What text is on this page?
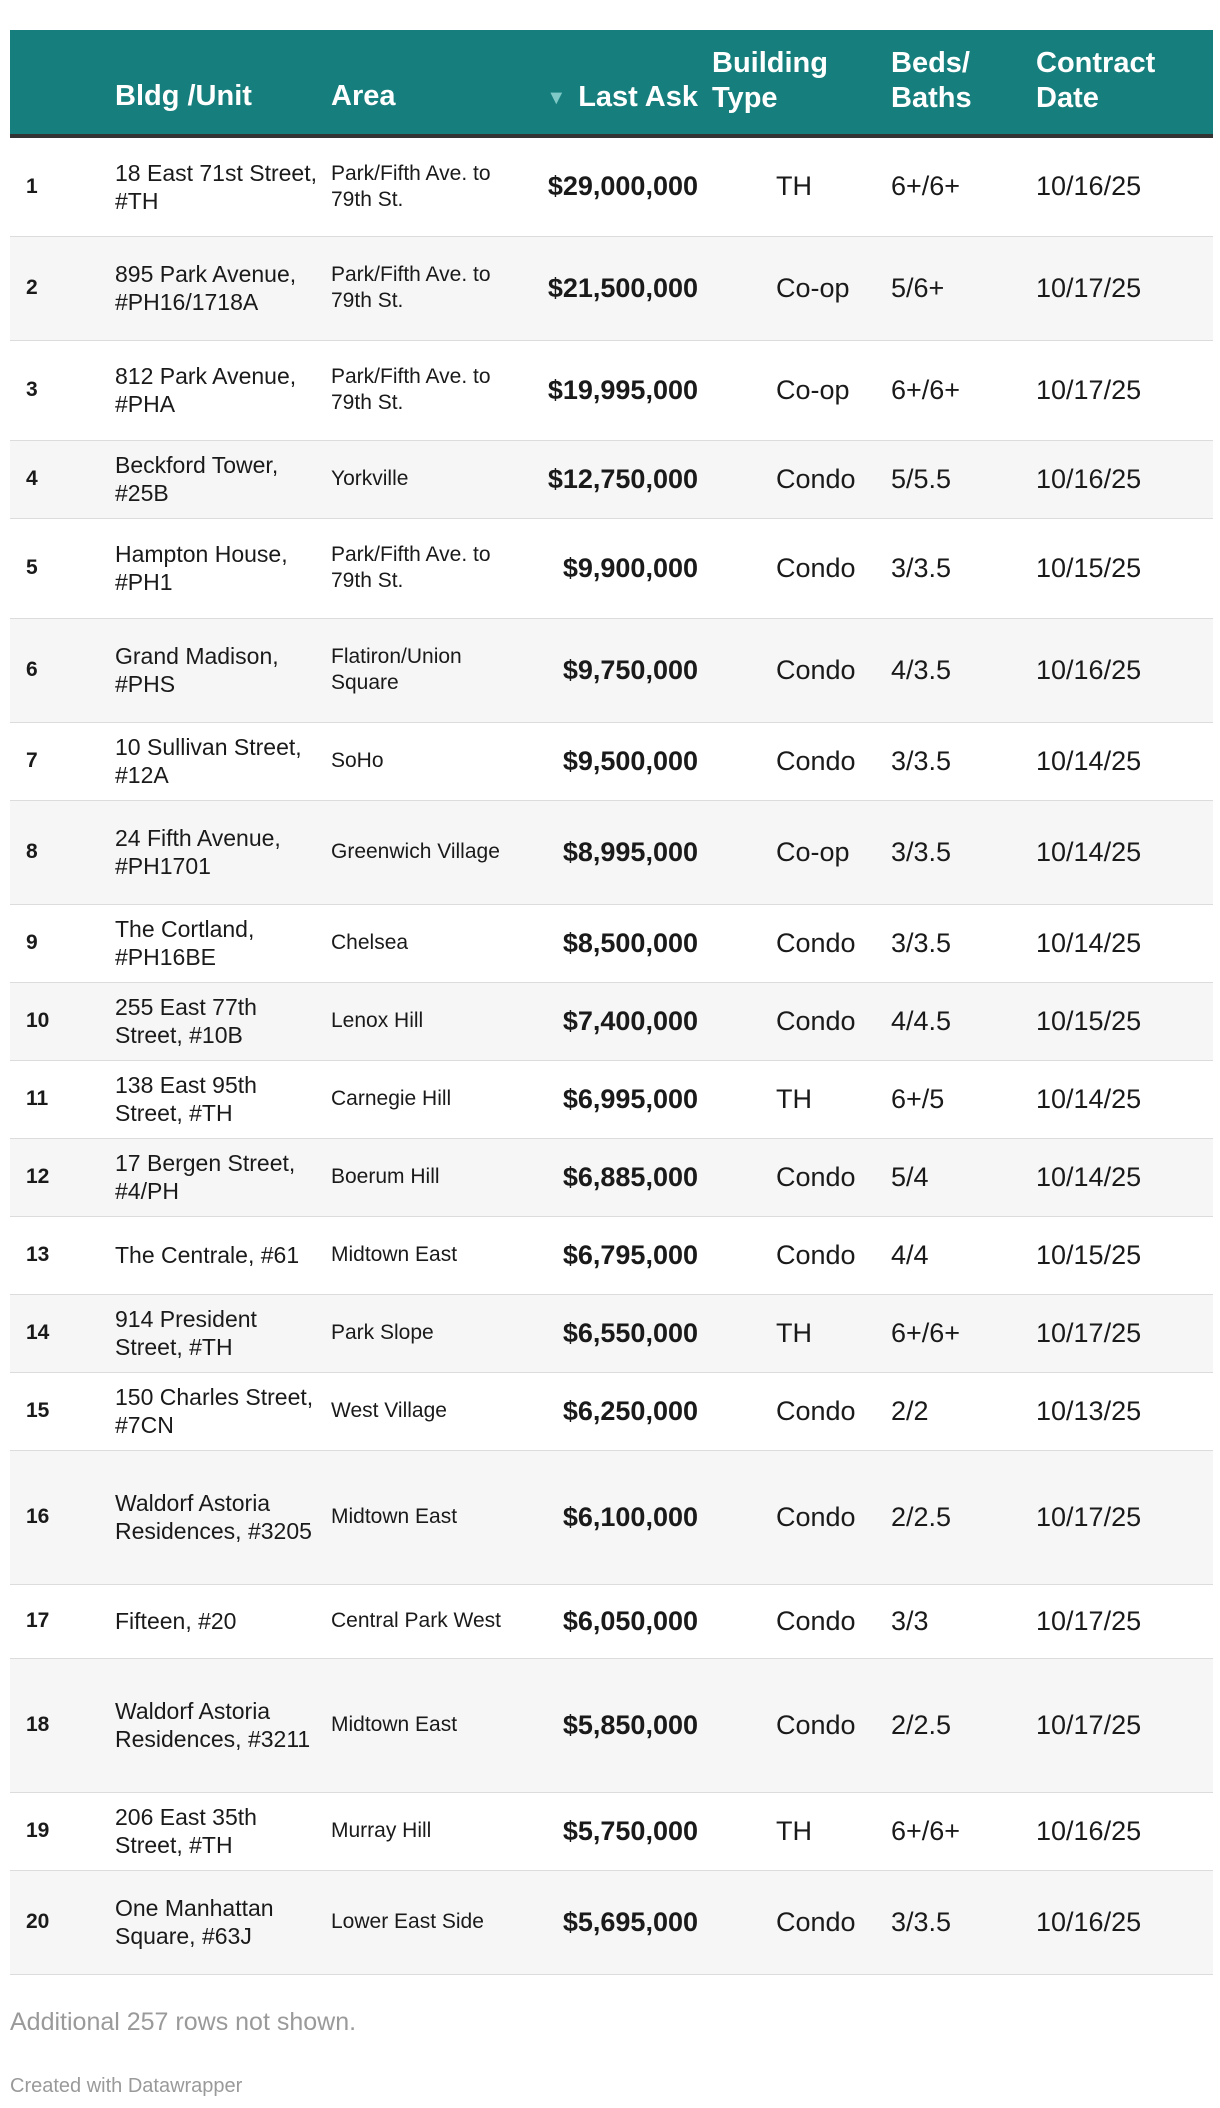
	Bldg /Unit	Area	▼ Last Ask	Building Type	Beds/ Baths	Contract Date
1	18 East 71st Street, #TH	Park/Fifth Ave. to 79th St.	$29,000,000	TH	6+/6+	10/16/25
2	895 Park Avenue, #PH16/1718A	Park/Fifth Ave. to 79th St.	$21,500,000	Co-op	5/6+	10/17/25
3	812 Park Avenue, #PHA	Park/Fifth Ave. to 79th St.	$19,995,000	Co-op	6+/6+	10/17/25
4	Beckford Tower, #25B	Yorkville	$12,750,000	Condo	5/5.5	10/16/25
5	Hampton House, #PH1	Park/Fifth Ave. to 79th St.	$9,900,000	Condo	3/3.5	10/15/25
6	Grand Madison, #PHS	Flatiron/Union Square	$9,750,000	Condo	4/3.5	10/16/25
7	10 Sullivan Street, #12A	SoHo	$9,500,000	Condo	3/3.5	10/14/25
8	24 Fifth Avenue, #PH1701	Greenwich Village	$8,995,000	Co-op	3/3.5	10/14/25
9	The Cortland, #PH16BE	Chelsea	$8,500,000	Condo	3/3.5	10/14/25
10	255 East 77th Street, #10B	Lenox Hill	$7,400,000	Condo	4/4.5	10/15/25
11	138 East 95th Street, #TH	Carnegie Hill	$6,995,000	TH	6+/5	10/14/25
12	17 Bergen Street, #4/PH	Boerum Hill	$6,885,000	Condo	5/4	10/14/25
13	The Centrale, #61	Midtown East	$6,795,000	Condo	4/4	10/15/25
14	914 President Street, #TH	Park Slope	$6,550,000	TH	6+/6+	10/17/25
15	150 Charles Street, #7CN	West Village	$6,250,000	Condo	2/2	10/13/25
16	Waldorf Astoria Residences, #3205	Midtown East	$6,100,000	Condo	2/2.5	10/17/25
17	Fifteen, #20	Central Park West	$6,050,000	Condo	3/3	10/17/25
18	Waldorf Astoria Residences, #3211	Midtown East	$5,850,000	Condo	2/2.5	10/17/25
19	206 East 35th Street, #TH	Murray Hill	$5,750,000	TH	6+/6+	10/16/25
20	One Manhattan Square, #63J	Lower East Side	$5,695,000	Condo	3/3.5	10/16/25
Additional 257 rows not shown.
Created with Datawrapper
